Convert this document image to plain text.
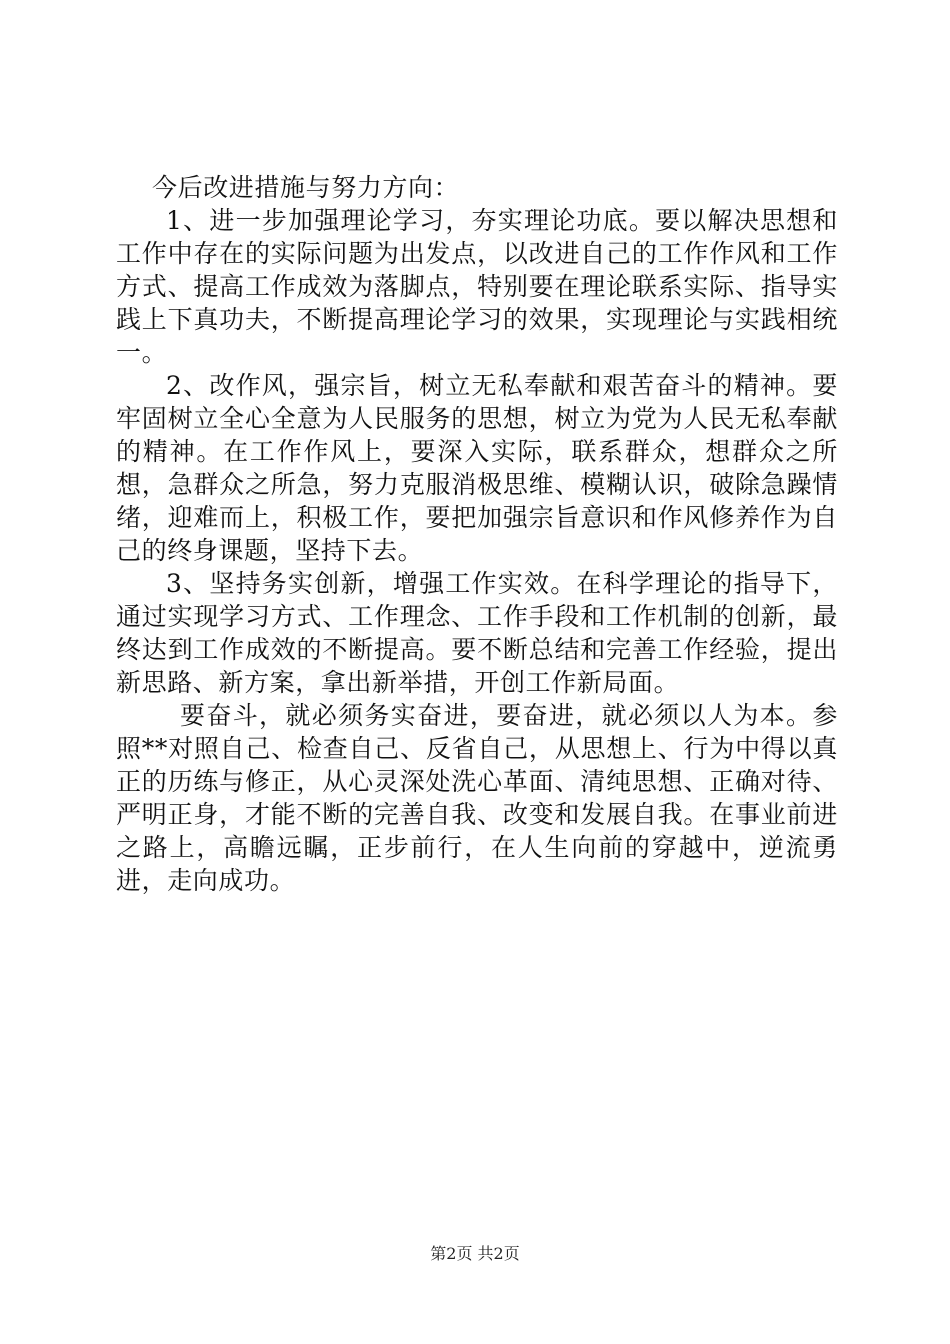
今后改进措施与努力方向：

1、进一步加强理论学习，夯实理论功底。要以解决思想和工作中存在的实际问题为出发点，以改进自己的工作作风和工作方式、提高工作成效为落脚点，特别要在理论联系实际、指导实践上下真功夫，不断提高理论学习的效果，实现理论与实践相统一。

2、改作风，强宗旨，树立无私奉献和艰苦奋斗的精神。要牢固树立全心全意为人民服务的思想，树立为党为人民无私奉献的精神。在工作作风上，要深入实际，联系群众，想群众之所想，急群众之所急，努力克服消极思维、模糊认识，破除急躁情绪，迎难而上，积极工作，要把加强宗旨意识和作风修养作为自己的终身课题，坚持下去。

3、坚持务实创新，增强工作实效。在科学理论的指导下，通过实现学习方式、工作理念、工作手段和工作机制的创新，最终达到工作成效的不断提高。要不断总结和完善工作经验，提出新思路、新方案，拿出新举措，开创工作新局面。

要奋斗，就必须务实奋进，要奋进，就必须以人为本。参照**对照自己、检查自己、反省自己，从思想上、行为中得以真正的历练与修正，从心灵深处洗心革面、清纯思想、正确对待、严明正身，才能不断的完善自我、改变和发展自我。在事业前进之路上，高瞻远瞩，正步前行，在人生向前的穿越中，逆流勇进，走向成功。

第2页 共2页
